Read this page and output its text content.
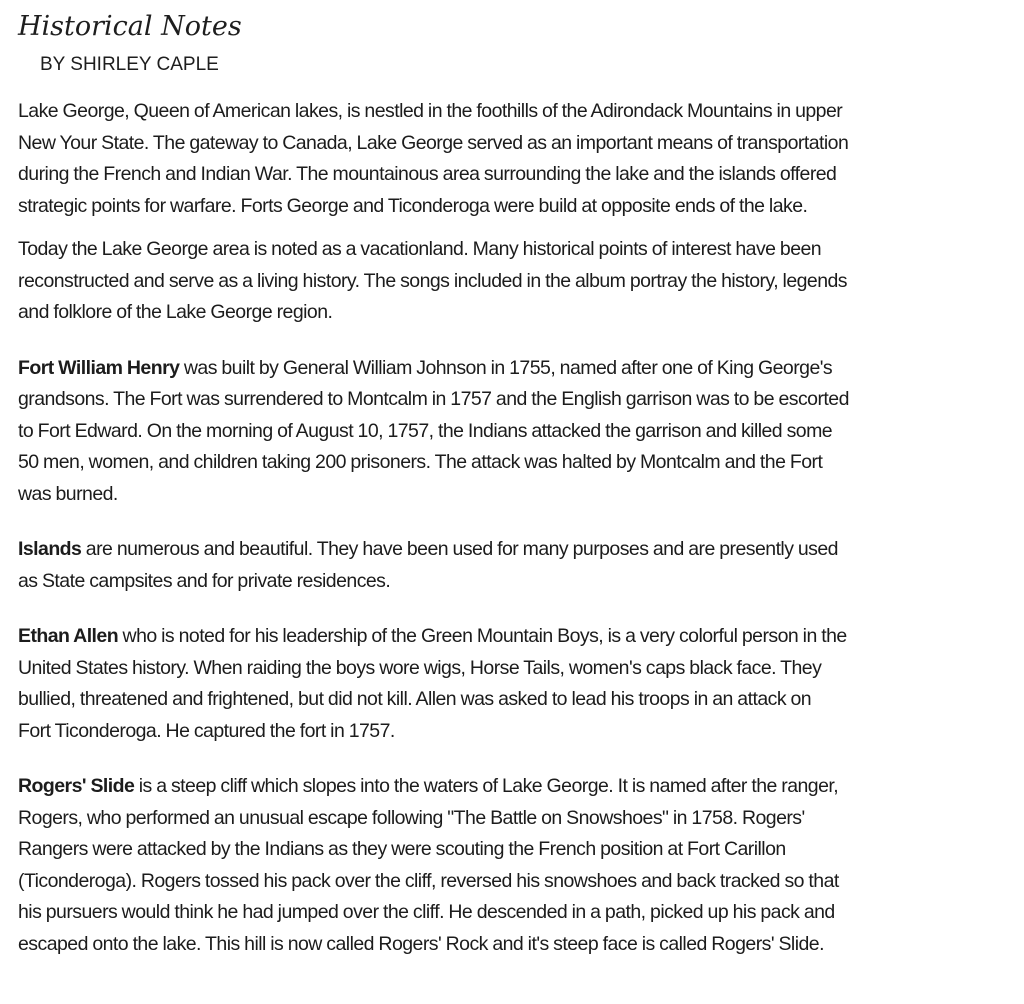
Historical Notes
BY SHIRLEY CAPLE

Lake George, Queen of American lakes, is nestled in the foothills of the Adirondack Mountains in upper
New Your State. The gateway to Canada, Lake George served as an important means of transportation
during the French and Indian War. The mountainous area surrounding the lake and the islands offered
strategic points for warfare. Forts George and Ticonderoga were build at opposite ends of the lake.

Today the Lake George area is noted as a vacationland. Many historical points of interest have been
reconstructed and serve as a living history. The songs included in the album portray the history, legends
and folklore of the Lake George region.

Fort William Henry was built by General William Johnson in 1755, named after one of King George's
grandsons. The Fort was surrendered to Montcalm in 1757 and the English garrison was to be escorted
to Fort Edward. On the morning of August 10, 1757, the Indians attacked the garrison and killed some
50 men, women, and children taking 200 prisoners. The attack was halted by Montcalm and the Fort
was burned.

Islands are numerous and beautiful. They have been used for many purposes and are presently used
as State campsites and for private residences.

Ethan Allen who is noted for his leadership of the Green Mountain Boys, is a very colorful person in the
United States history. When raiding the boys wore wigs, Horse Tails, women's caps black face. They
bullied, threatened and frightened, but did not kill. Allen was asked to lead his troops in an attack on
Fort Ticonderoga. He captured the fort in 1757.

Rogers' Slide is a steep cliff which slopes into the waters of Lake George. It is named after the ranger,
Rogers, who performed an unusual escape following "The Battle on Snowshoes" in 1758. Rogers'
Rangers were attacked by the Indians as they were scouting the French position at Fort Carillon
(Ticonderoga). Rogers tossed his pack over the cliff, reversed his snowshoes and back tracked so that
his pursuers would think he had jumped over the cliff. He descended in a path, picked up his pack and
escaped onto the lake. This hill is now called Rogers' Rock and it's steep face is called Rogers' Slide.
